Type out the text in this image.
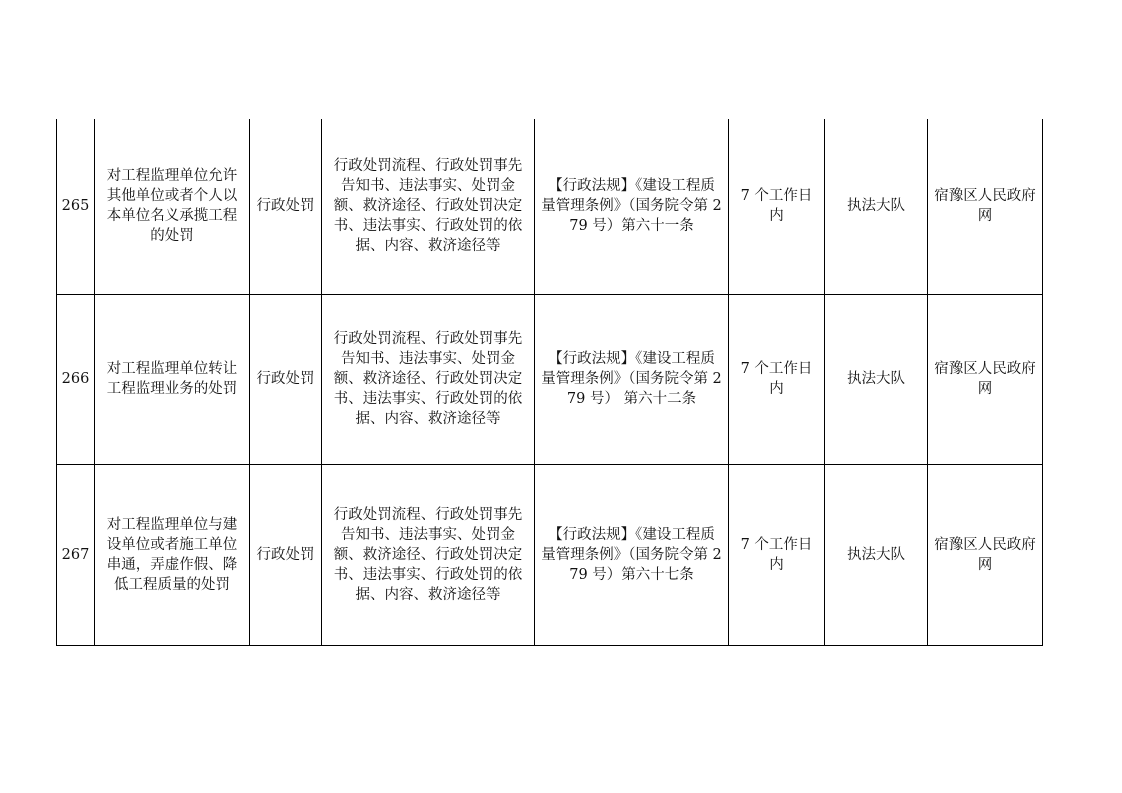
265	对工程监理单位允许其他单位或者个人以本单位名义承揽工程的处罚	行政处罚	行政处罚流程、行政处罚事先告知书、违法事实、处罚金额、救济途径、行政处罚决定书、违法事实、行政处罚的依据、内容、救济途径等	【行政法规】《建设工程质量管理条例》（国务院令第 279 号）第六十一条	7 个工作日内	执法大队	宿豫区人民政府网
266	对工程监理单位转让工程监理业务的处罚	行政处罚	行政处罚流程、行政处罚事先告知书、违法事实、处罚金额、救济途径、行政处罚决定书、违法事实、行政处罚的依据、内容、救济途径等	【行政法规】《建设工程质量管理条例》（国务院令第 279 号） 第六十二条	7 个工作日内	执法大队	宿豫区人民政府网
267	对工程监理单位与建设单位或者施工单位串通，弄虚作假、降低工程质量的处罚	行政处罚	行政处罚流程、行政处罚事先告知书、违法事实、处罚金额、救济途径、行政处罚决定书、违法事实、行政处罚的依据、内容、救济途径等	【行政法规】《建设工程质量管理条例》（国务院令第 279 号）第六十七条	7 个工作日内	执法大队	宿豫区人民政府网
